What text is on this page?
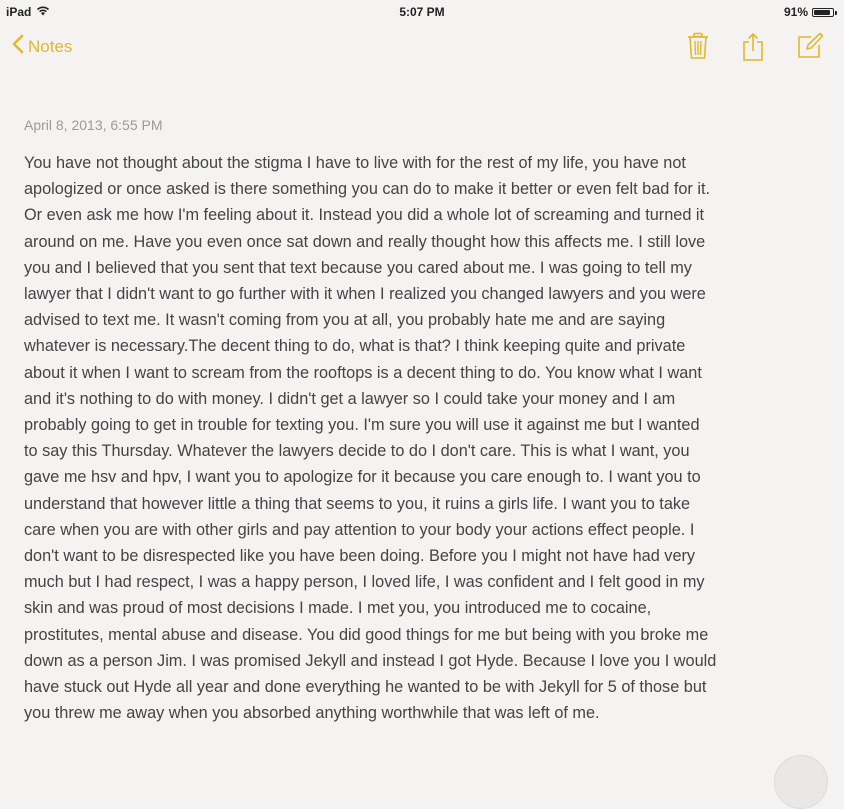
iPad	5:07 PM	91%
Notes
April 8, 2013, 6:55 PM
You have not thought about the stigma I have to live with for the rest of my life, you have not
apologized or once asked is there something you can do to make it better or even felt bad for it.
Or even ask me how I'm feeling about it. Instead you did a whole lot of screaming and turned it
around on me. Have you even once sat down and really thought how this affects me. I still love
you and I believed that you sent that text because you cared about me. I was going to tell my
lawyer that I didn't want to go further with it when I realized you changed lawyers and you were
advised to text me. It wasn't coming from you at all, you probably hate me and are saying
whatever is necessary.The decent thing to do, what is that? I think keeping quite and private
about it when I want to scream from the rooftops is a decent thing to do. You know what I want
and it's nothing to do with money. I didn't get a lawyer so I could take your money and I am
probably going to get in trouble for texting you. I'm sure you will use it against me but I wanted
to say this Thursday. Whatever the lawyers decide to do I don't care. This is what I want, you
gave me hsv and hpv, I want you to apologize for it because you care enough to. I want you to
understand that however little a thing that seems to you, it ruins a girls life. I want you to take
care when you are with other girls and pay attention to your body your actions effect people. I
don't want to be disrespected like you have been doing. Before you I might not have had very
much but I had respect, I was a happy person, I loved life, I was confident and I felt good in my
skin and was proud of most decisions I made. I met you, you introduced me to cocaine,
prostitutes, mental abuse and disease. You did good things for me but being with you broke me
down as a person Jim. I was promised Jekyll and instead I got Hyde. Because I love you I would
have stuck out Hyde all year and done everything he wanted to be with Jekyll for 5 of those but
you threw me away when you absorbed anything worthwhile that was left of me.
